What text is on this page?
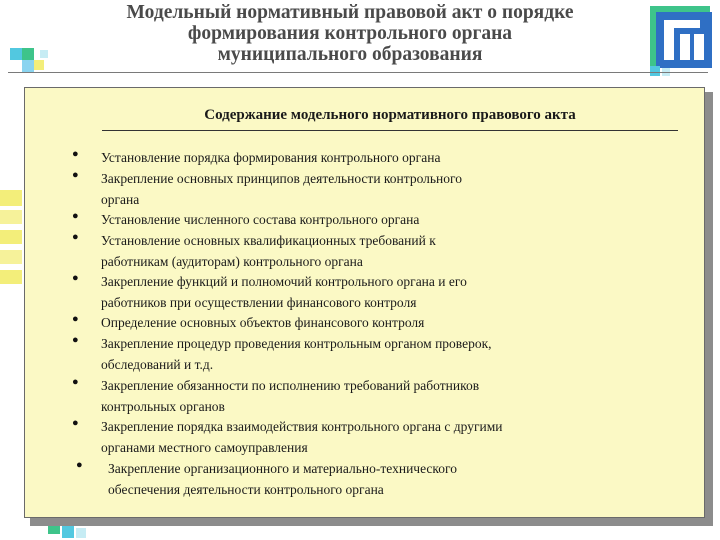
Модельный нормативный правовой акт о порядке
формирования контрольного органа
муниципального образования
Содержание модельного нормативного правового акта
● Установление порядка формирования контрольного органа
● Закрепление основных принципов деятельности контрольного
органа
● Установление численного состава контрольного органа
● Установление основных квалификационных требований к
работникам (аудиторам) контрольного органа
● Закрепление функций и полномочий контрольного органа и его
работников при осуществлении финансового контроля
● Определение основных объектов финансового контроля
● Закрепление процедур проведения контрольным органом проверок,
обследований и т.д.
● Закрепление обязанности по исполнению требований работников
контрольных органов
● Закрепление порядка взаимодействия контрольного органа с другими
органами местного самоуправления
● Закрепление организационного и материально-технического
обеспечения деятельности контрольного органа
